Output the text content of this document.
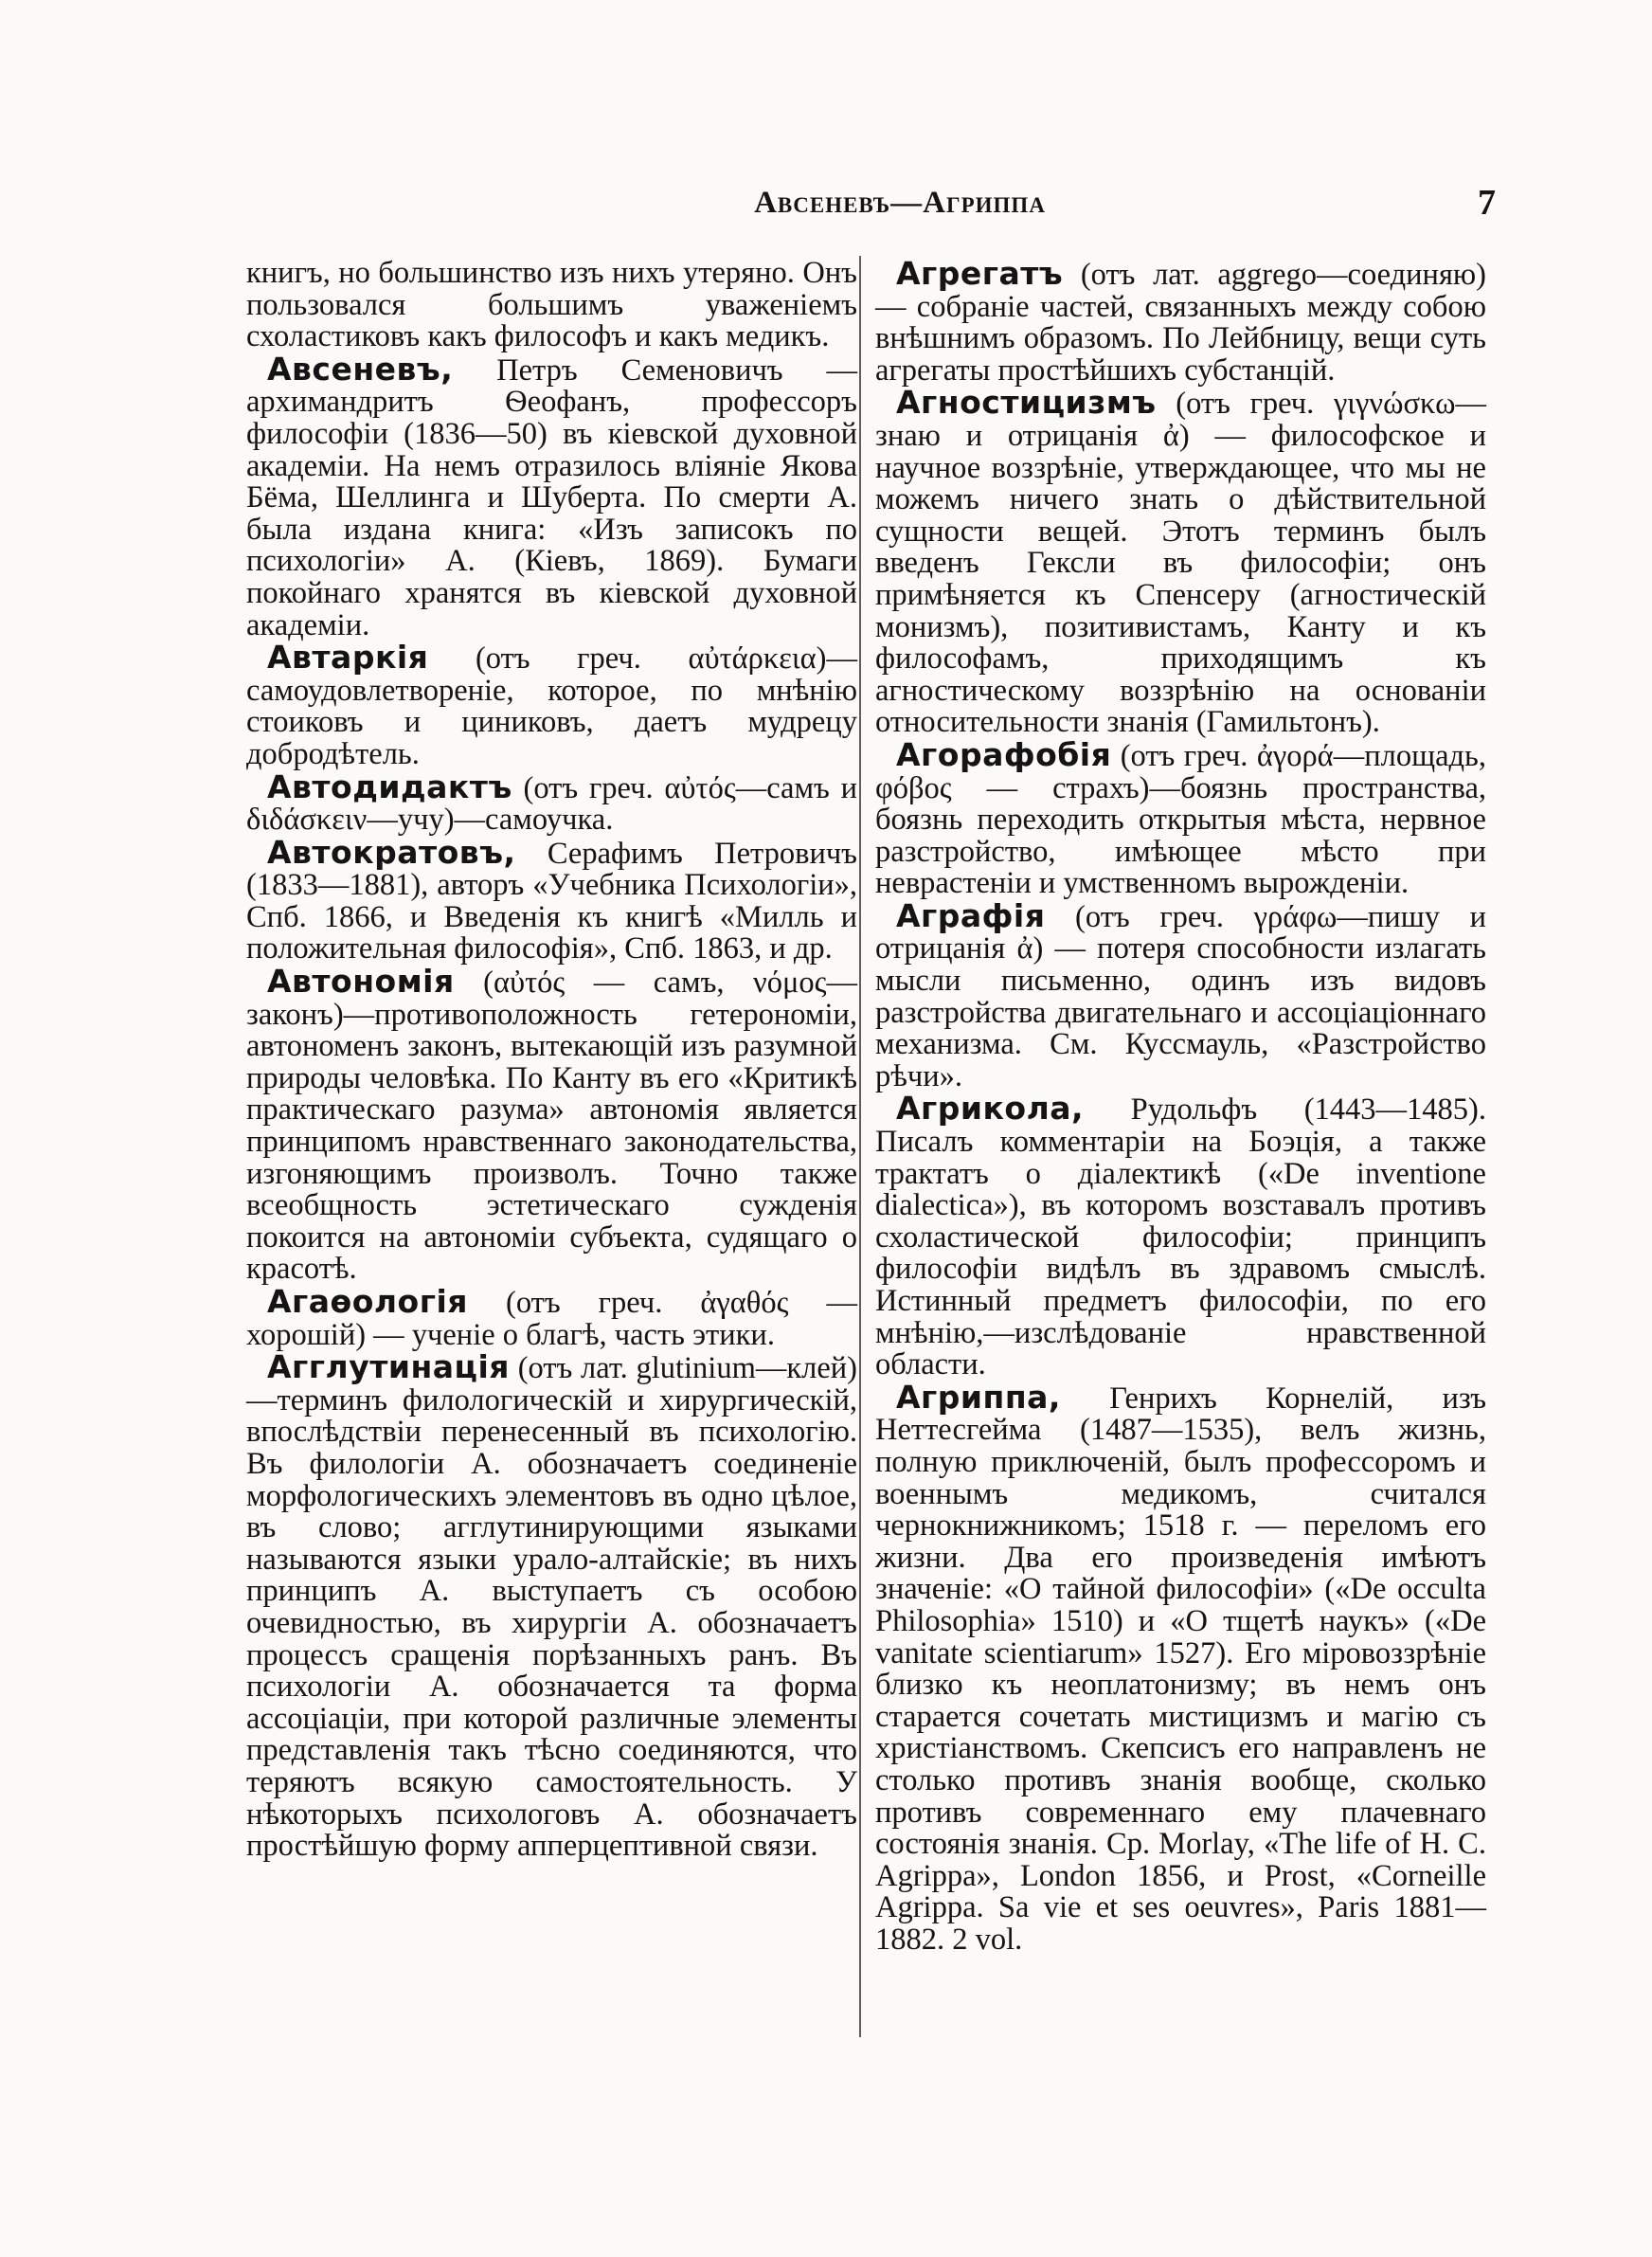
Авсеневъ—Агриппа	7

книгъ, но большинство изъ нихъ утеряно. Онъ пользовался большимъ уваженіемъ схоластиковъ какъ философъ и какъ медикъ.

Авсеневъ, Петръ Семеновичъ — архимандритъ Ѳеофанъ, профессоръ философіи (1836—50) въ кіевской духовной академіи. На немъ отразилось вліяніе Якова Бёма, Шеллинга и Шуберта. По смерти А. была издана книга: «Изъ записокъ по психологіи» А. (Кіевъ, 1869). Бумаги покойнаго хранятся въ кіевской духовной академіи.

Автаркія (отъ греч. αὐτάρκεια)—самоудовлетвореніе, которое, по мнѣнію стоиковъ и циниковъ, даетъ мудрецу добродѣтель.

Автодидактъ (отъ греч. αὐτός—самъ и διδάσκειν—учу)—самоучка.

Автократовъ, Серафимъ Петровичъ (1833—1881), авторъ «Учебника Психологіи», Спб. 1866, и Введенія къ книгѣ «Милль и положительная философія», Спб. 1863, и др.

Автономія (αὐτός — самъ, νόμος—законъ)—противоположность гетерономіи, автономенъ законъ, вытекающій изъ разумной природы человѣка. По Канту въ его «Критикѣ практическаго разума» автономія является принципомъ нравственнаго законодательства, изгоняющимъ произволъ. Точно также всеобщность эстетическаго сужденія покоится на автономіи субъекта, судящаго о красотѣ.

Агаѳологія (отъ греч. ἀγαθός — хорошій) — ученіе о благѣ, часть этики.

Агглутинація (отъ лат. glutinium—клей)—терминъ филологическій и хирургическій, впослѣдствіи перенесенный въ психологію. Въ филологіи А. обозначаетъ соединеніе морфологическихъ элементовъ въ одно цѣлое, въ слово; агглутинирующими языками называются языки урало-алтайскіе; въ нихъ принципъ А. выступаетъ съ особою очевидностью, въ хирургіи А. обозначаетъ процессъ сращенія порѣзанныхъ ранъ. Въ психологіи А. обозначается та форма ассоціаціи, при которой различные элементы представленія такъ тѣсно соединяются, что теряютъ всякую самостоятельность. У нѣкоторыхъ психологовъ А. обозначаетъ простѣйшую форму апперцептивной связи.

Агрегатъ (отъ лат. aggrego—соединяю) — собраніе частей, связанныхъ между собою внѣшнимъ образомъ. По Лейбницу, вещи суть агрегаты простѣйшихъ субстанцій.

Агностицизмъ (отъ греч. γιγνώσκω—знаю и отрицанія ἀ) — философское и научное воззрѣніе, утверждающее, что мы не можемъ ничего знать о дѣйствительной сущности вещей. Этотъ терминъ былъ введенъ Гексли въ философіи; онъ примѣняется къ Спенсеру (агностическій монизмъ), позитивистамъ, Канту и къ философамъ, приходящимъ къ агностическому воззрѣнію на основаніи относительности знанія (Гамильтонъ).

Агорафобія (отъ греч. ἀγορά—площадь, φόβος — страхъ)—боязнь пространства, боязнь переходить открытыя мѣста, нервное разстройство, имѣющее мѣсто при неврастеніи и умственномъ вырожденіи.

Аграфія (отъ греч. γράφω—пишу и отрицанія ἀ) — потеря способности излагать мысли письменно, одинъ изъ видовъ разстройства двигательнаго и ассоціаціоннаго механизма. См. Куссмауль, «Разстройство рѣчи».

Агрикола, Рудольфъ (1443—1485). Писалъ комментаріи на Боэція, а также трактатъ о діалектикѣ («De inventione dialectica»), въ которомъ возставалъ противъ схоластической философіи; принципъ философіи видѣлъ въ здравомъ смыслѣ. Истинный предметъ философіи, по его мнѣнію,—изслѣдованіе нравственной области.

Агриппа, Генрихъ Корнелій, изъ Неттесгейма (1487—1535), велъ жизнь, полную приключеній, былъ профессоромъ и военнымъ медикомъ, считался чернокнижникомъ; 1518 г. — переломъ его жизни. Два его произведенія имѣютъ значеніе: «О тайной философіи» («De occulta Philosophia» 1510) и «О тщетѣ наукъ» («De vanitate scientiarum» 1527). Его міровоззрѣніе близко къ неоплатонизму; въ немъ онъ старается сочетать мистицизмъ и магію съ христіанствомъ. Скепсисъ его направленъ не столько противъ знанія вообще, сколько противъ современнаго ему плачевнаго состоянія знанія. Cp. Morlay, «The life of H. C. Agrippa», London 1856, и Prost, «Corneille Agrippa. Sa vie et ses oeuvres», Paris 1881—1882. 2 vol.
